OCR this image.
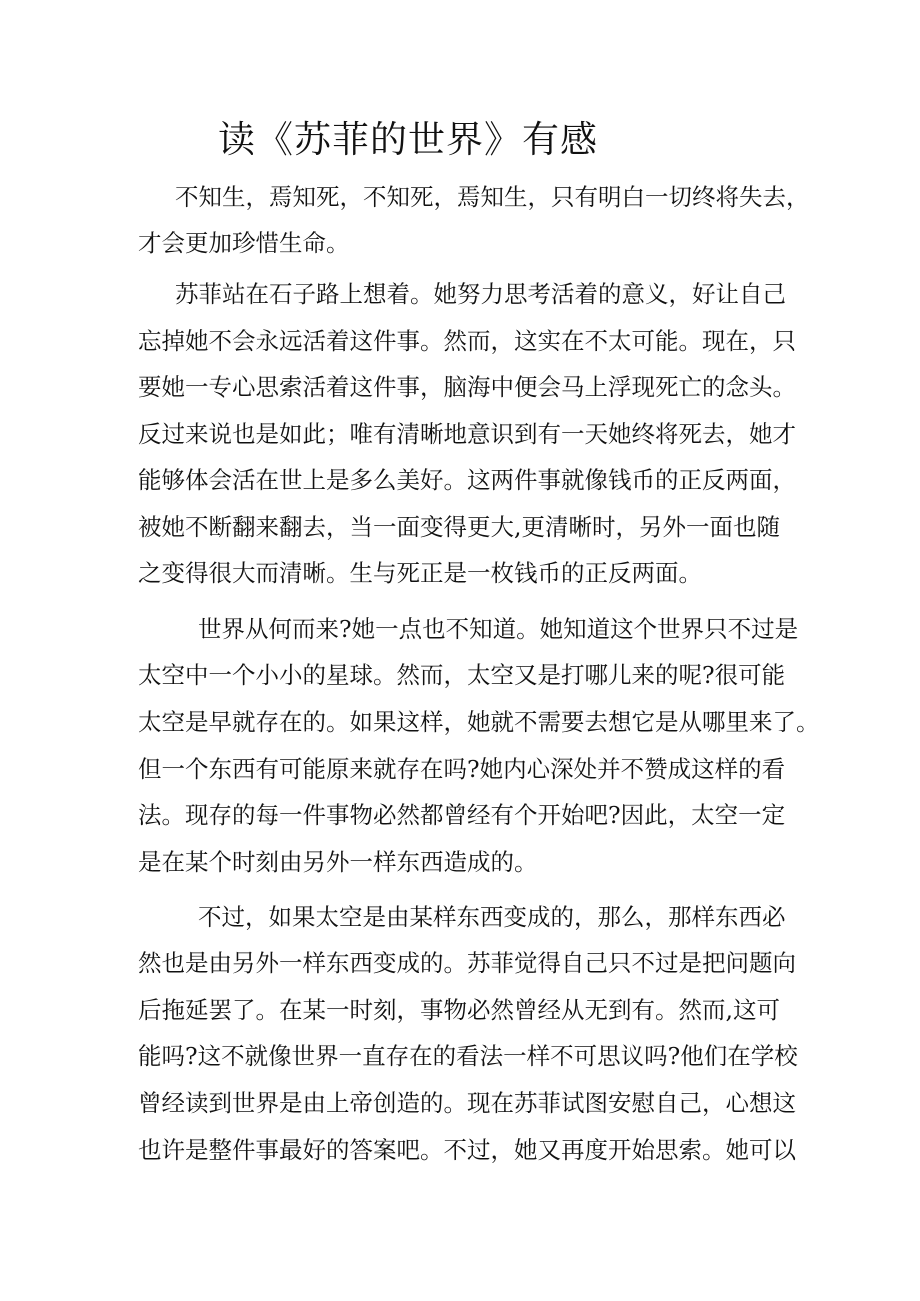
读《苏菲的世界》有感

不知生，焉知死，不知死，焉知生，只有明白一切终将失去，

才会更加珍惜生命。

苏菲站在石子路上想着。她努力思考活着的意义，好让自己

忘掉她不会永远活着这件事。然而，这实在不太可能。现在，只

要她一专心思索活着这件事，脑海中便会马上浮现死亡的念头。

反过来说也是如此；唯有清晰地意识到有一天她终将死去，她才

能够体会活在世上是多么美好。这两件事就像钱币的正反两面，

被她不断翻来翻去，当一面变得更大,更清晰时，另外一面也随

之变得很大而清晰。生与死正是一枚钱币的正反两面。

世界从何而来?她一点也不知道。她知道这个世界只不过是

太空中一个小小的星球。然而，太空又是打哪儿来的呢?很可能

太空是早就存在的。如果这样，她就不需要去想它是从哪里来了。

但一个东西有可能原来就存在吗?她内心深处并不赞成这样的看

法。现存的每一件事物必然都曾经有个开始吧?因此，太空一定

是在某个时刻由另外一样东西造成的。

不过，如果太空是由某样东西变成的，那么，那样东西必

然也是由另外一样东西变成的。苏菲觉得自己只不过是把问题向

后拖延罢了。在某一时刻，事物必然曾经从无到有。然而,这可

能吗?这不就像世界一直存在的看法一样不可思议吗?他们在学校

曾经读到世界是由上帝创造的。现在苏菲试图安慰自己，心想这

也许是整件事最好的答案吧。不过，她又再度开始思索。她可以
